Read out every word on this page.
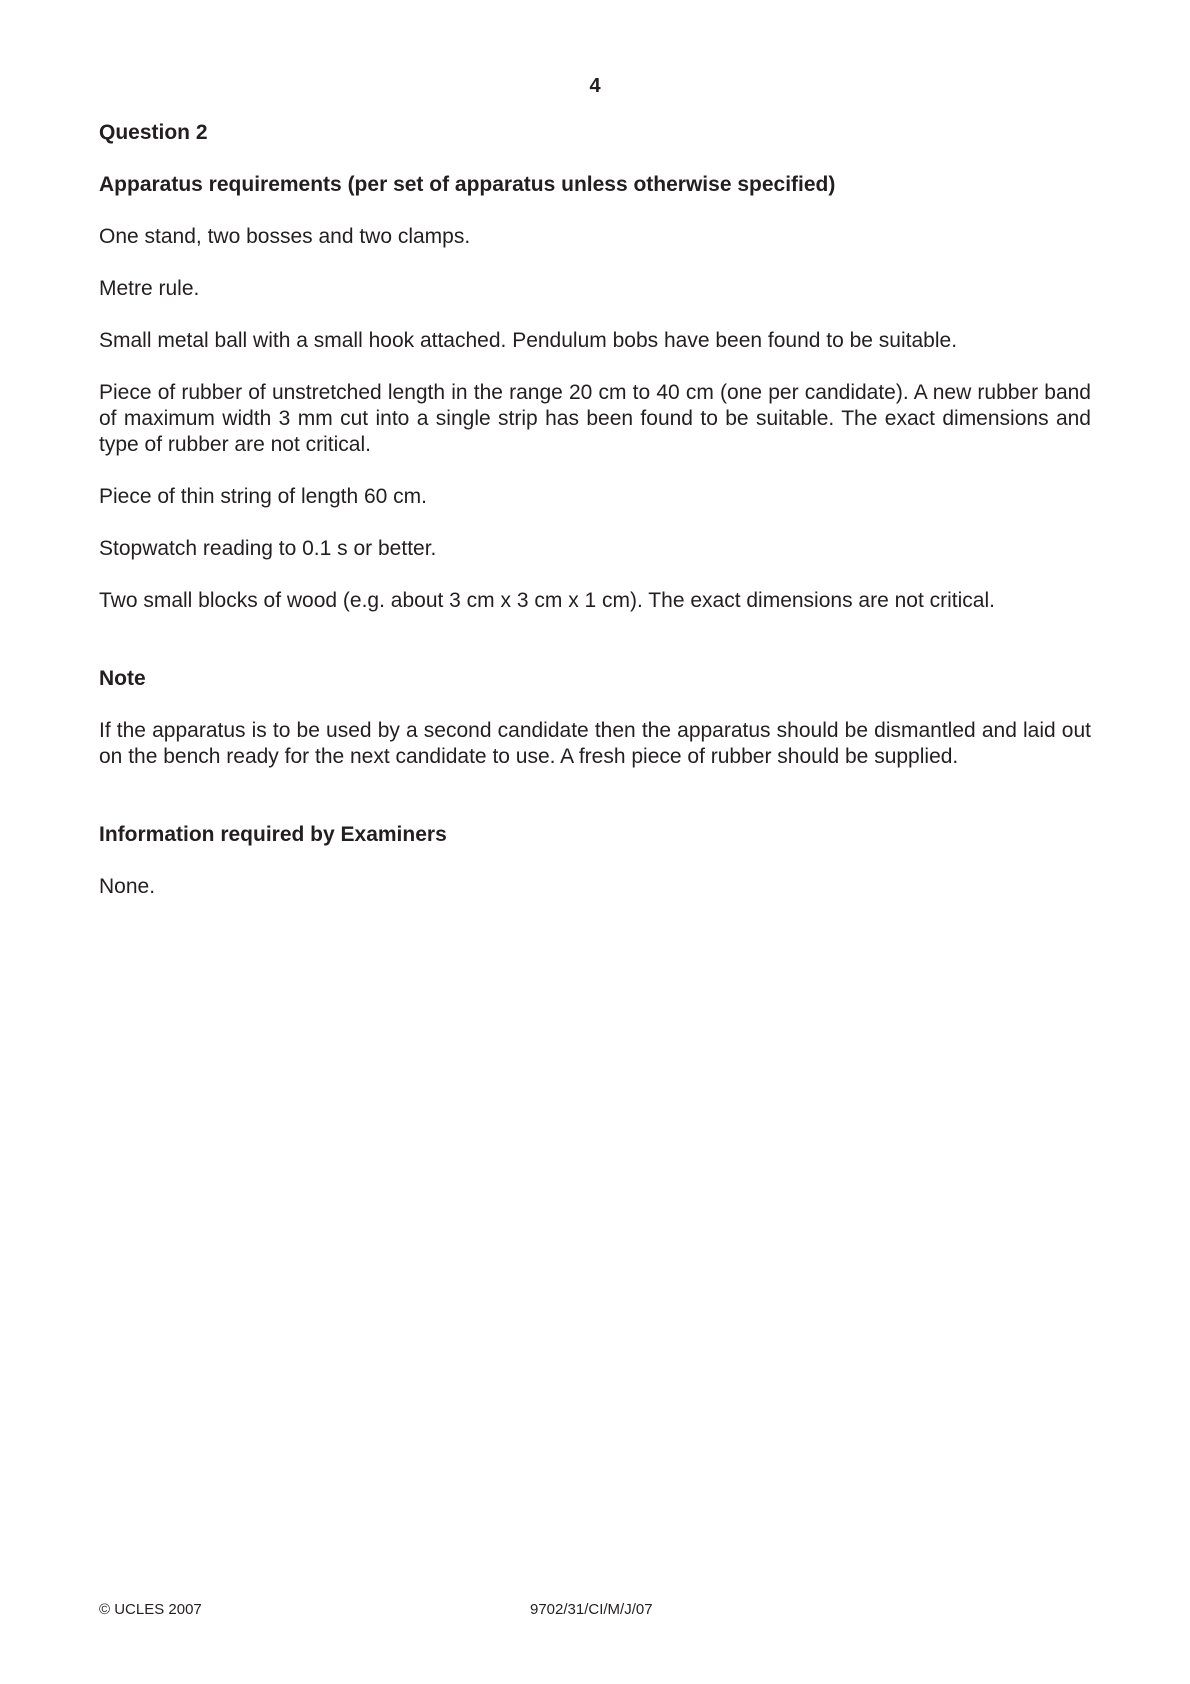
4
Question 2
Apparatus requirements (per set of apparatus unless otherwise specified)

One stand, two bosses and two clamps.

Metre rule.

Small metal ball with a small hook attached. Pendulum bobs have been found to be suitable.

Piece of rubber of unstretched length in the range 20 cm to 40 cm (one per candidate). A new rubber band of maximum width 3 mm cut into a single strip has been found to be suitable. The exact dimensions and type of rubber are not critical.

Piece of thin string of length 60 cm.

Stopwatch reading to 0.1 s or better.

Two small blocks of wood (e.g. about 3 cm x 3 cm x 1 cm). The exact dimensions are not critical.

Note

If the apparatus is to be used by a second candidate then the apparatus should be dismantled and laid out on the bench ready for the next candidate to use. A fresh piece of rubber should be supplied.

Information required by Examiners

None.

© UCLES 2007	9702/31/CI/M/J/07
